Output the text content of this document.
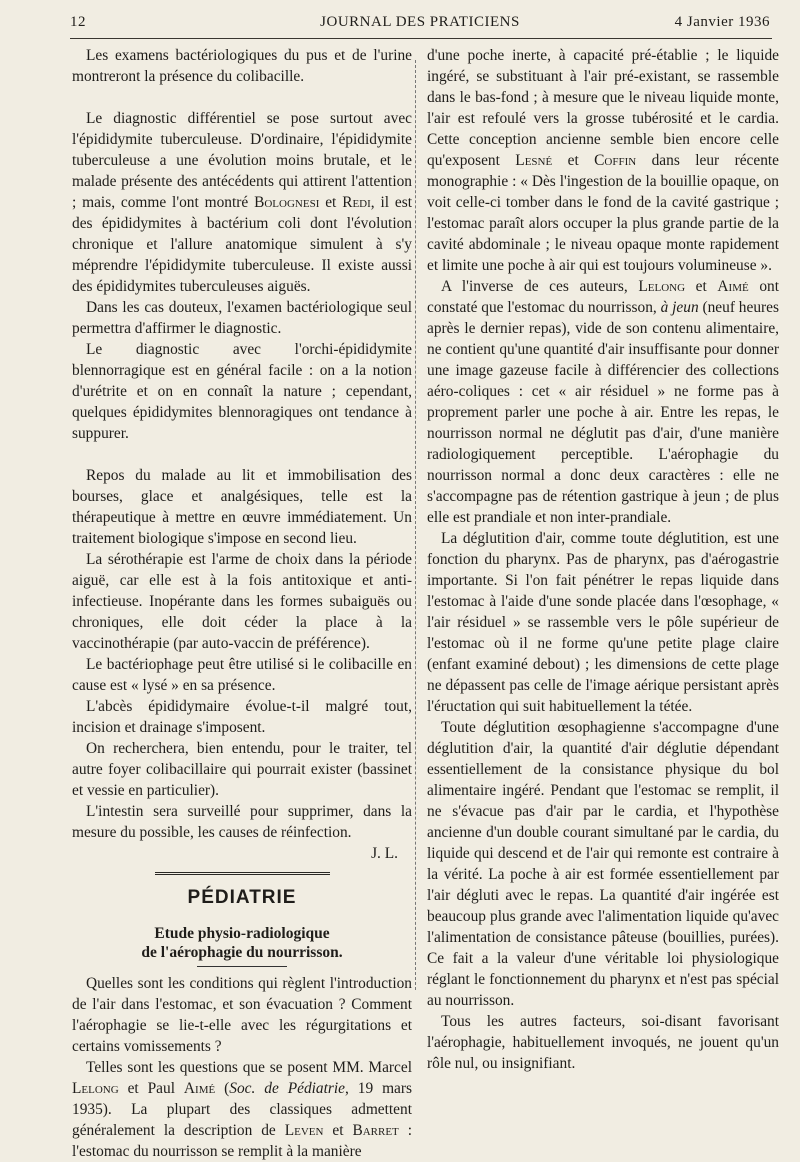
12	JOURNAL DES PRATICIENS	4 Janvier 1936

Les examens bactériologiques du pus et de l'urine montreront la présence du colibacille.

Le diagnostic différentiel se pose surtout avec l'épididymite tuberculeuse. D'ordinaire, l'épididymite tuberculeuse a une évolution moins brutale, et le malade présente des antécédents qui attirent l'attention ; mais, comme l'ont montré Bolognesi et Redi, il est des épididymites à bactérium coli dont l'évolution chronique et l'allure anatomique simulent à s'y méprendre l'épididymite tuberculeuse. Il existe aussi des épididymites tuberculeuses aiguës.

Dans les cas douteux, l'examen bactériologique seul permettra d'affirmer le diagnostic.

Le diagnostic avec l'orchi-épididymite blennorragique est en général facile : on a la notion d'urétrite et on en connaît la nature ; cependant, quelques épididymites blennoragiques ont tendance à suppurer.

Repos du malade au lit et immobilisation des bourses, glace et analgésiques, telle est la thérapeutique à mettre en œuvre immédiatement. Un traitement biologique s'impose en second lieu.

La sérothérapie est l'arme de choix dans la période aiguë, car elle est à la fois antitoxique et anti-infectieuse. Inopérante dans les formes subaiguës ou chroniques, elle doit céder la place à la vaccinothérapie (par auto-vaccin de préférence).

Le bactériophage peut être utilisé si le colibacille en cause est « lysé » en sa présence.

L'abcès épididymaire évolue-t-il malgré tout, incision et drainage s'imposent.

On recherchera, bien entendu, pour le traiter, tel autre foyer colibacillaire qui pourrait exister (bassinet et vessie en particulier).

L'intestin sera surveillé pour supprimer, dans la mesure du possible, les causes de réinfection.

J. L.

PÉDIATRIE
Etude physio-radiologique
de l'aérophagie du nourrisson.

Quelles sont les conditions qui règlent l'introduction de l'air dans l'estomac, et son évacuation ? Comment l'aérophagie se lie-t-elle avec les régurgitations et certains vomissements ?

Telles sont les questions que se posent MM. Marcel Lelong et Paul Aimé (Soc. de Pédiatrie, 19 mars 1935). La plupart des classiques admettent généralement la description de Leven et Barret : l'estomac du nourrisson se remplit à la manière

d'une poche inerte, à capacité pré-établie ; le liquide ingéré, se substituant à l'air pré-existant, se rassemble dans le bas-fond ; à mesure que le niveau liquide monte, l'air est refoulé vers la grosse tubérosité et le cardia. Cette conception ancienne semble bien encore celle qu'exposent Lesné et Coffin dans leur récente monographie : « Dès l'ingestion de la bouillie opaque, on voit celle-ci tomber dans le fond de la cavité gastrique ; l'estomac paraît alors occuper la plus grande partie de la cavité abdominale ; le niveau opaque monte rapidement et limite une poche à air qui est toujours volumineuse ».

A l'inverse de ces auteurs, Lelong et Aimé ont constaté que l'estomac du nourrisson, à jeun (neuf heures après le dernier repas), vide de son contenu alimentaire, ne contient qu'une quantité d'air insuffisante pour donner une image gazeuse facile à différencier des collections aéro-coliques : cet « air résiduel » ne forme pas à proprement parler une poche à air. Entre les repas, le nourrisson normal ne déglutit pas d'air, d'une manière radiologiquement perceptible. L'aérophagie du nourrisson normal a donc deux caractères : elle ne s'accompagne pas de rétention gastrique à jeun ; de plus elle est prandiale et non inter-prandiale.

La déglutition d'air, comme toute déglutition, est une fonction du pharynx. Pas de pharynx, pas d'aérogastrie importante. Si l'on fait pénétrer le repas liquide dans l'estomac à l'aide d'une sonde placée dans l'œsophage, « l'air résiduel » se rassemble vers le pôle supérieur de l'estomac où il ne forme qu'une petite plage claire (enfant examiné debout) ; les dimensions de cette plage ne dépassent pas celle de l'image aérique persistant après l'éructation qui suit habituellement la tétée.

Toute déglutition œsophagienne s'accompagne d'une déglutition d'air, la quantité d'air déglutie dépendant essentiellement de la consistance physique du bol alimentaire ingéré. Pendant que l'estomac se remplit, il ne s'évacue pas d'air par le cardia, et l'hypothèse ancienne d'un double courant simultané par le cardia, du liquide qui descend et de l'air qui remonte est contraire à la vérité. La poche à air est formée essentiellement par l'air dégluti avec le repas. La quantité d'air ingérée est beaucoup plus grande avec l'alimentation liquide qu'avec l'alimentation de consistance pâteuse (bouillies, purées). Ce fait a la valeur d'une véritable loi physiologique réglant le fonctionnement du pharynx et n'est pas spécial au nourrisson.

Tous les autres facteurs, soi-disant favorisant l'aérophagie, habituellement invoqués, ne jouent qu'un rôle nul, ou insignifiant.
